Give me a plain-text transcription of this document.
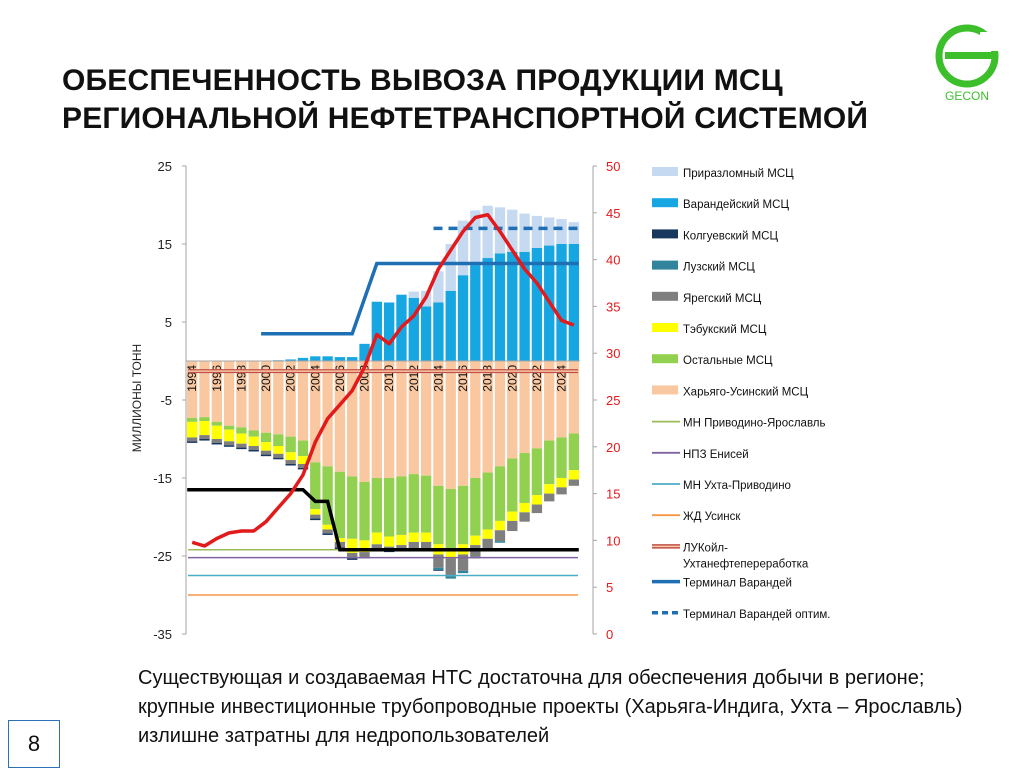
ОБЕСПЕЧЕННОСТЬ ВЫВОЗА ПРОДУКЦИИ МСЦ
РЕГИОНАЛЬНОЙ НЕФТЕТРАНСПОРТНОЙ СИСТЕМОЙ
GECON
25
15
5
-5
-15
-25
-35
50
45
40
35
30
25
20
15
10
5
0
МИЛЛИОНЫ ТОНН	1994 1996 1998 2000 2002 2004 2006 2008 2010 2012 2014 2016 2018 2020 2022 2024
Приразломный МСЦ
Варандейский МСЦ
Колгуевский МСЦ
Лузский МСЦ
Ярегский МСЦ
Тэбукский МСЦ
Остальные МСЦ
Харьяго-Усинский МСЦ
МН Приводино-Ярославль
НПЗ Енисей
МН Ухта-Приводино
ЖД Усинск
ЛУКойл-
Ухтанефтепереработка
Терминал Варандей
Терминал Варандей оптим.
Существующая и создаваемая НТС достаточна для обеспечения добычи в регионе; крупные инвестиционные трубопроводные проекты (Харьяга-Индига, Ухта – Ярославль) излишне затратны для недропользователей
8
